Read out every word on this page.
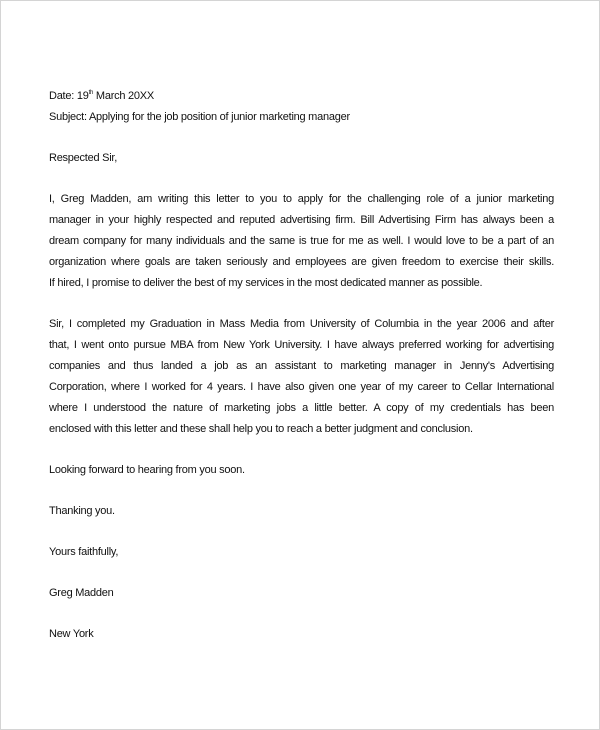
Date: 19th March 20XX
Subject: Applying for the job position of junior marketing manager
Respected Sir,
I, Greg Madden, am writing this letter to you to apply for the challenging role of a junior marketing
manager in your highly respected and reputed advertising firm. Bill Advertising Firm has always been a
dream company for many individuals and the same is true for me as well. I would love to be a part of an
organization where goals are taken seriously and employees are given freedom to exercise their skills.
If hired, I promise to deliver the best of my services in the most dedicated manner as possible.
Sir, I completed my Graduation in Mass Media from University of Columbia in the year 2006 and after
that, I went onto pursue MBA from New York University. I have always preferred working for advertising
companies and thus landed a job as an assistant to marketing manager in Jenny's Advertising
Corporation, where I worked for 4 years. I have also given one year of my career to Cellar International
where I understood the nature of marketing jobs a little better. A copy of my credentials has been
enclosed with this letter and these shall help you to reach a better judgment and conclusion.
Looking forward to hearing from you soon.
Thanking you.
Yours faithfully,
Greg Madden
New York
